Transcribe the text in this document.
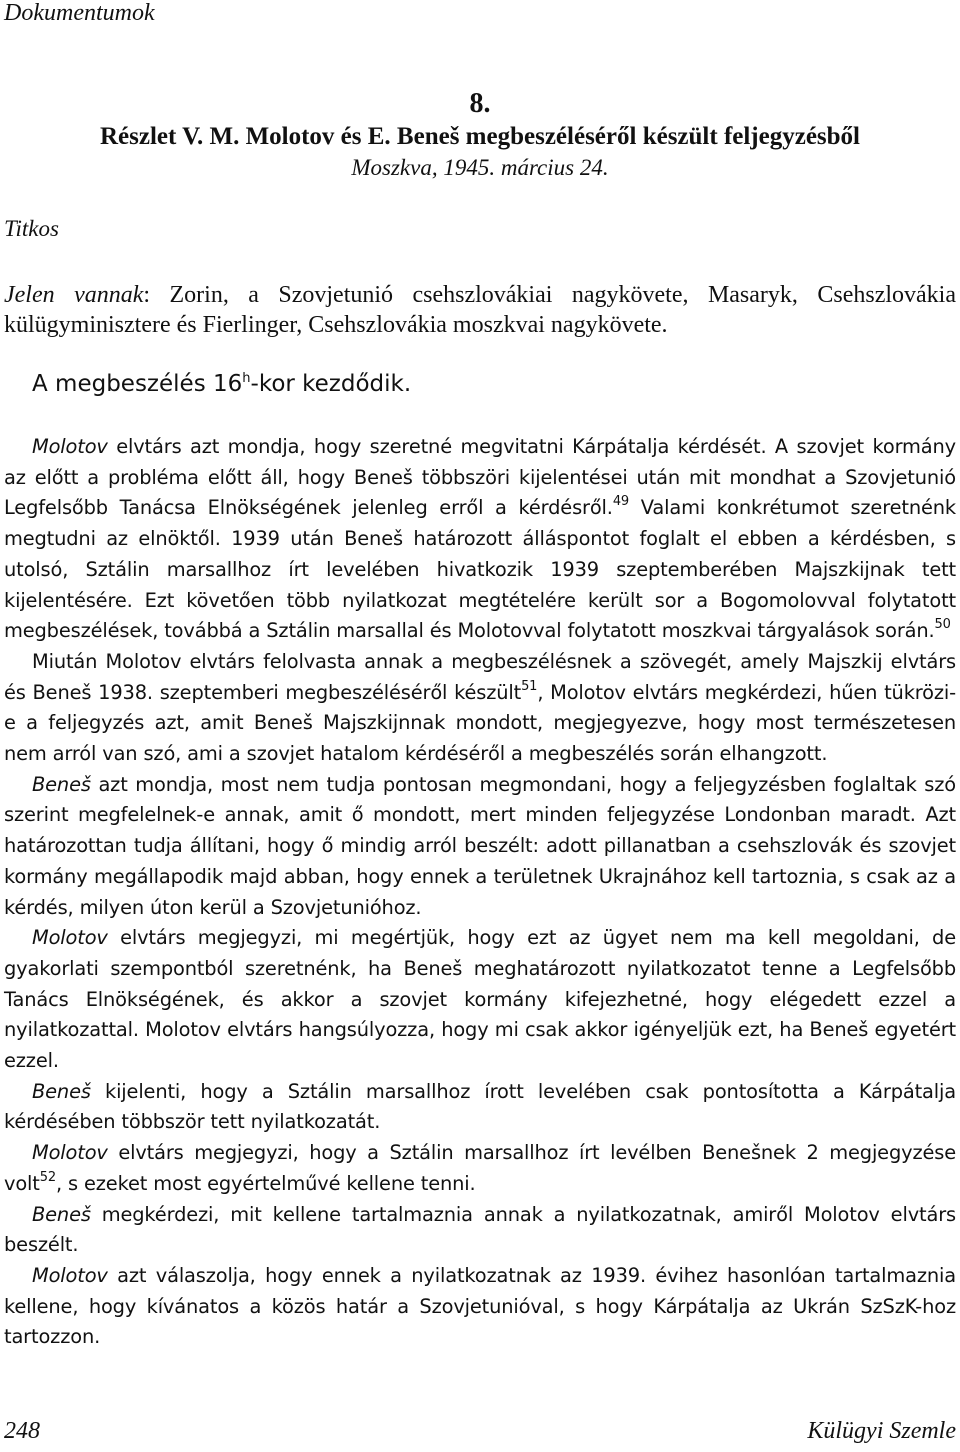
Dokumentumok
8.
Részlet V. M. Molotov és E. Beneš megbeszéléséről készült feljegyzésből
Moszkva, 1945. március 24.
Titkos
Jelen vannak: Zorin, a Szovjetunió csehszlovákiai nagykövete, Masaryk, Csehszlovákia külügyminisztere és Fierlinger, Csehszlovákia moszkvai nagykövete.
A megbeszélés 16$^h$-kor kezdődik.

Molotov elvtárs azt mondja, hogy szeretné megvitatni Kárpátalja kérdését. A szovjet kormány az előtt a probléma előtt áll, hogy Beneš többszöri kijelentései után mit mondhat a Szovjetunió Legfelsőbb Tanácsa Elnökségének jelenleg erről a kérdésről.$^{49}$ Valami konkrétumot szeretnénk megtudni az elnöktől. 1939 után Beneš határozott álláspontot foglalt el ebben a kérdésben, s utolsó, Sztálin marsallhoz írt levelében hivatkozik 1939 szeptemberében Majszkijnak tett kijelentésére. Ezt követően több nyilatkozat megtételére került sor a Bogomolovval folytatott megbeszélések, továbbá a Sztálin marsallal és Molotovval folytatott moszkvai tárgyalások során.$^{50}$

Miután Molotov elvtárs felolvasta annak a megbeszélésnek a szövegét, amely Majszkij elvtárs és Beneš 1938. szeptemberi megbeszéléséről készült$^{51}$, Molotov elvtárs megkérdezi, hűen tükrözi-e a feljegyzés azt, amit Beneš Majszkijnnak mondott, megjegyezve, hogy most természetesen nem arról van szó, ami a szovjet hatalom kérdéséről a megbeszélés során elhangzott.

Beneš azt mondja, most nem tudja pontosan megmondani, hogy a feljegyzésben foglaltak szó szerint megfelelnek-e annak, amit ő mondott, mert minden feljegyzése Londonban maradt. Azt határozottan tudja állítani, hogy ő mindig arról beszélt: adott pillanatban a csehszlovák és szovjet kormány megállapodik majd abban, hogy ennek a területnek Ukrajnához kell tartoznia, s csak az a kérdés, milyen úton kerül a Szovjetunióhoz.

Molotov elvtárs megjegyzi, mi megértjük, hogy ezt az ügyet nem ma kell megoldani, de gyakorlati szempontból szeretnénk, ha Beneš meghatározott nyilatkozatot tenne a Legfelsőbb Tanács Elnökségének, és akkor a szovjet kormány kifejezhetné, hogy elégedett ezzel a nyilatkozattal. Molotov elvtárs hangsúlyozza, hogy mi csak akkor igényeljük ezt, ha Beneš egyetért ezzel.

Beneš kijelenti, hogy a Sztálin marsallhoz írott levelében csak pontosította a Kárpátalja kérdésében többször tett nyilatkozatát.

Molotov elvtárs megjegyzi, hogy a Sztálin marsallhoz írt levélben Benešnek 2 megjegyzése volt$^{52}$, s ezeket most egyértelművé kellene tenni.

Beneš megkérdezi, mit kellene tartalmaznia annak a nyilatkozatnak, amiről Molotov elvtárs beszélt.

Molotov azt válaszolja, hogy ennek a nyilatkozatnak az 1939. évihez hasonlóan tartalmaznia kellene, hogy kívánatos a közös határ a Szovjetunióval, s hogy Kárpátalja az Ukrán SzSzK-hoz tartozzon.

248	Külügyi Szemle
